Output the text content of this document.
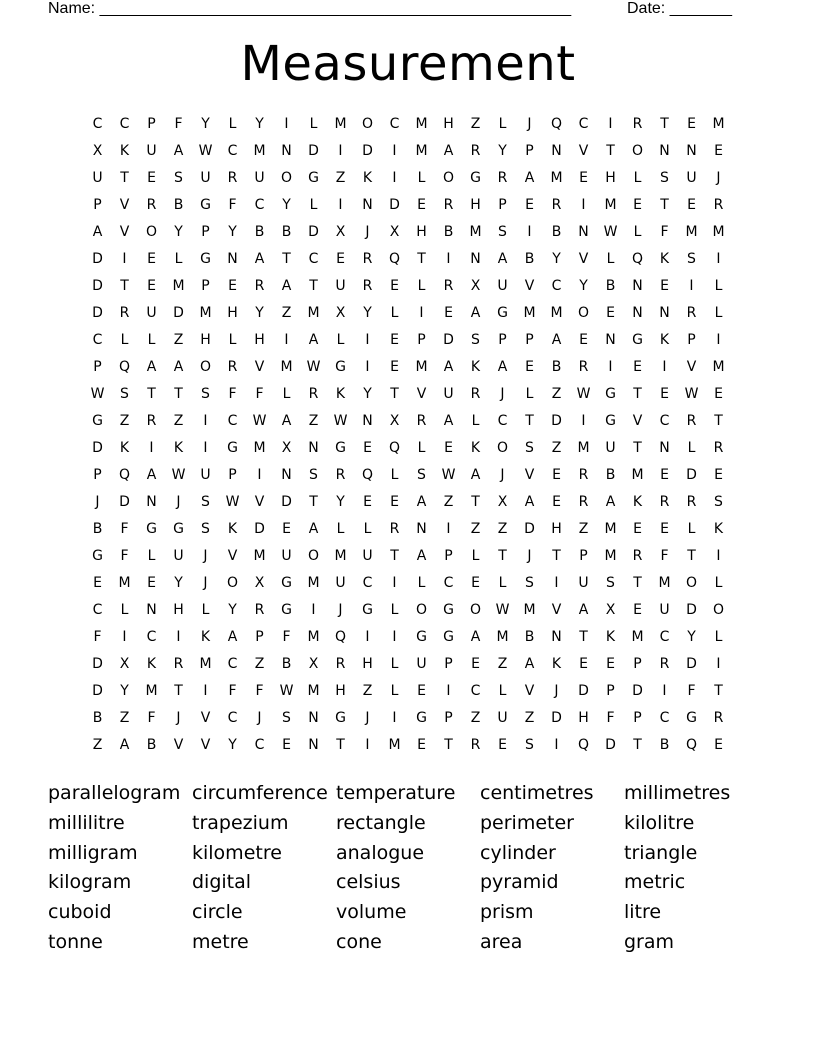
Name: _____________________________________________________

	Date: _______

Measurement
C	C	P	F	Y	L	Y	I	L	M	O	C	M	H	Z	L	J	Q	C	I	R	T	E	M
X	K	U	A	W	C	M	N	D	I	D	I	M	A	R	Y	P	N	V	T	O	N	N	E
U	T	E	S	U	R	U	O	G	Z	K	I	L	O	G	R	A	M	E	H	L	S	U	J
P	V	R	B	G	F	C	Y	L	I	N	D	E	R	H	P	E	R	I	M	E	T	E	R
A	V	O	Y	P	Y	B	B	D	X	J	X	H	B	M	S	I	B	N	W	L	F	M	M
D	I	E	L	G	N	A	T	C	E	R	Q	T	I	N	A	B	Y	V	L	Q	K	S	I
D	T	E	M	P	E	R	A	T	U	R	E	L	R	X	U	V	C	Y	B	N	E	I	L
D	R	U	D	M	H	Y	Z	M	X	Y	L	I	E	A	G	M	M	O	E	N	N	R	L
C	L	L	Z	H	L	H	I	A	L	I	E	P	D	S	P	P	A	E	N	G	K	P	I
P	Q	A	A	O	R	V	M	W	G	I	E	M	A	K	A	E	B	R	I	E	I	V	M
W	S	T	T	S	F	F	L	R	K	Y	T	V	U	R	J	L	Z	W	G	T	E	W	E
G	Z	R	Z	I	C	W	A	Z	W	N	X	R	A	L	C	T	D	I	G	V	C	R	T
D	K	I	K	I	G	M	X	N	G	E	Q	L	E	K	O	S	Z	M	U	T	N	L	R
P	Q	A	W	U	P	I	N	S	R	Q	L	S	W	A	J	V	E	R	B	M	E	D	E
J	D	N	J	S	W	V	D	T	Y	E	E	A	Z	T	X	A	E	R	A	K	R	R	S
B	F	G	G	S	K	D	E	A	L	L	R	N	I	Z	Z	D	H	Z	M	E	E	L	K
G	F	L	U	J	V	M	U	O	M	U	T	A	P	L	T	J	T	P	M	R	F	T	I
E	M	E	Y	J	O	X	G	M	U	C	I	L	C	E	L	S	I	U	S	T	M	O	L
C	L	N	H	L	Y	R	G	I	J	G	L	O	G	O	W	M	V	A	X	E	U	D	O
F	I	C	I	K	A	P	F	M	Q	I	I	G	G	A	M	B	N	T	K	M	C	Y	L
D	X	K	R	M	C	Z	B	X	R	H	L	U	P	E	Z	A	K	E	E	P	R	D	I
D	Y	M	T	I	F	F	W	M	H	Z	L	E	I	C	L	V	J	D	P	D	I	F	T
B	Z	F	J	V	C	J	S	N	G	J	I	G	P	Z	U	Z	D	H	F	P	C	G	R
Z	A	B	V	V	Y	C	E	N	T	I	M	E	T	R	E	S	I	Q	D	T	B	Q	E
parallelogram circumference temperature	centimetres	millimetres
millilitre	trapezium	rectangle	perimeter	kilolitre
milligram	kilometre	analogue	cylinder	triangle
kilogram	digital	celsius	pyramid	metric
cuboid	circle	volume	prism	litre
tonne	metre	cone	area	gram
